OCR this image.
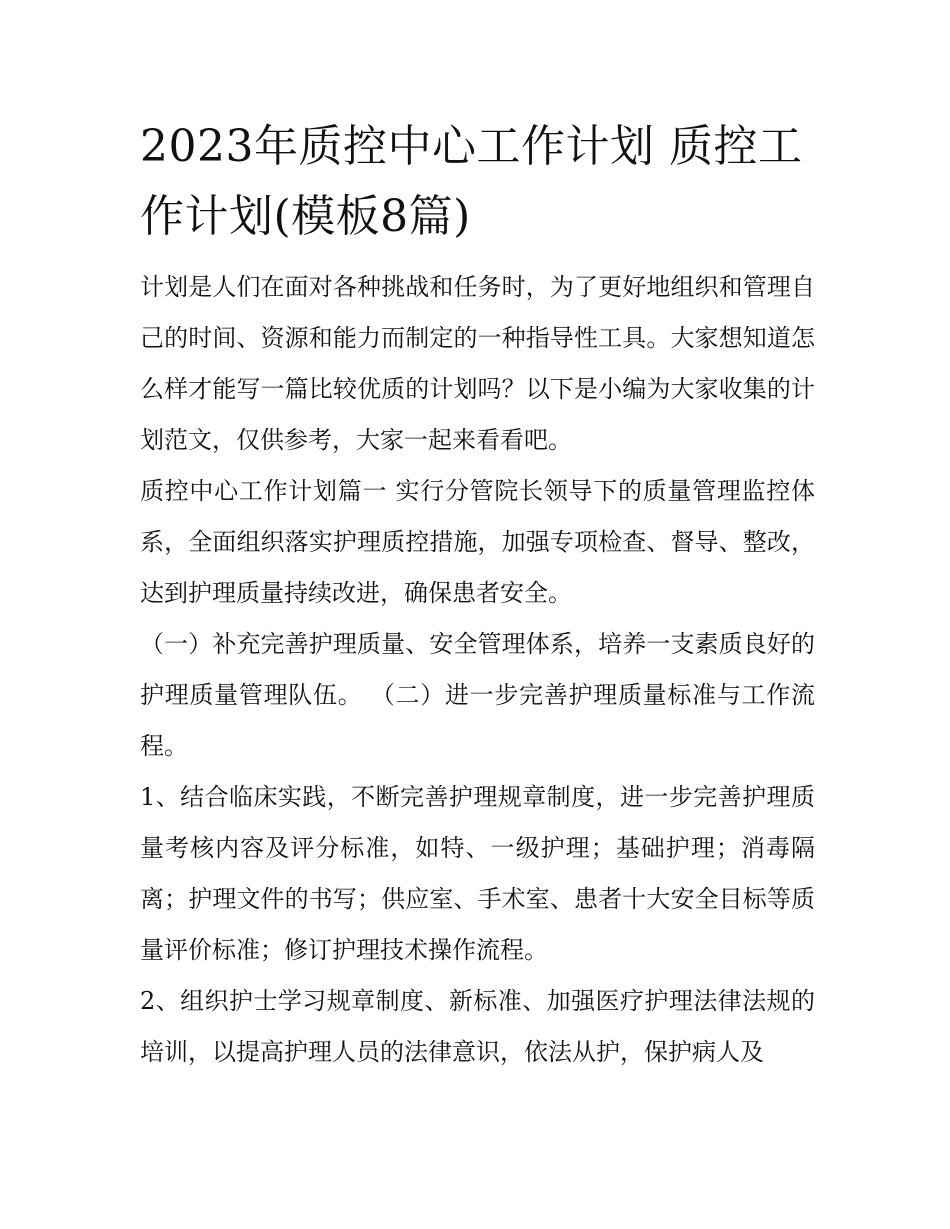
2023年质控中心工作计划 质控工作计划(模板8篇)

计划是人们在面对各种挑战和任务时，为了更好地组织和管理自己的时间、资源和能力而制定的一种指导性工具。大家想知道怎么样才能写一篇比较优质的计划吗？以下是小编为大家收集的计划范文，仅供参考，大家一起来看看吧。

质控中心工作计划篇一 实行分管院长领导下的质量管理监控体系，全面组织落实护理质控措施，加强专项检查、督导、整改，达到护理质量持续改进，确保患者安全。

（一）补充完善护理质量、安全管理体系，培养一支素质良好的护理质量管理队伍。 （二）进一步完善护理质量标准与工作流程。

1、结合临床实践，不断完善护理规章制度，进一步完善护理质量考核内容及评分标准，如特、一级护理；基础护理；消毒隔离；护理文件的书写；供应室、手术室、患者十大安全目标等质量评价标准；修订护理技术操作流程。

2、组织护士学习规章制度、新标准、加强医疗护理法律法规的培训，以提高护理人员的法律意识，依法从护，保护病人及
